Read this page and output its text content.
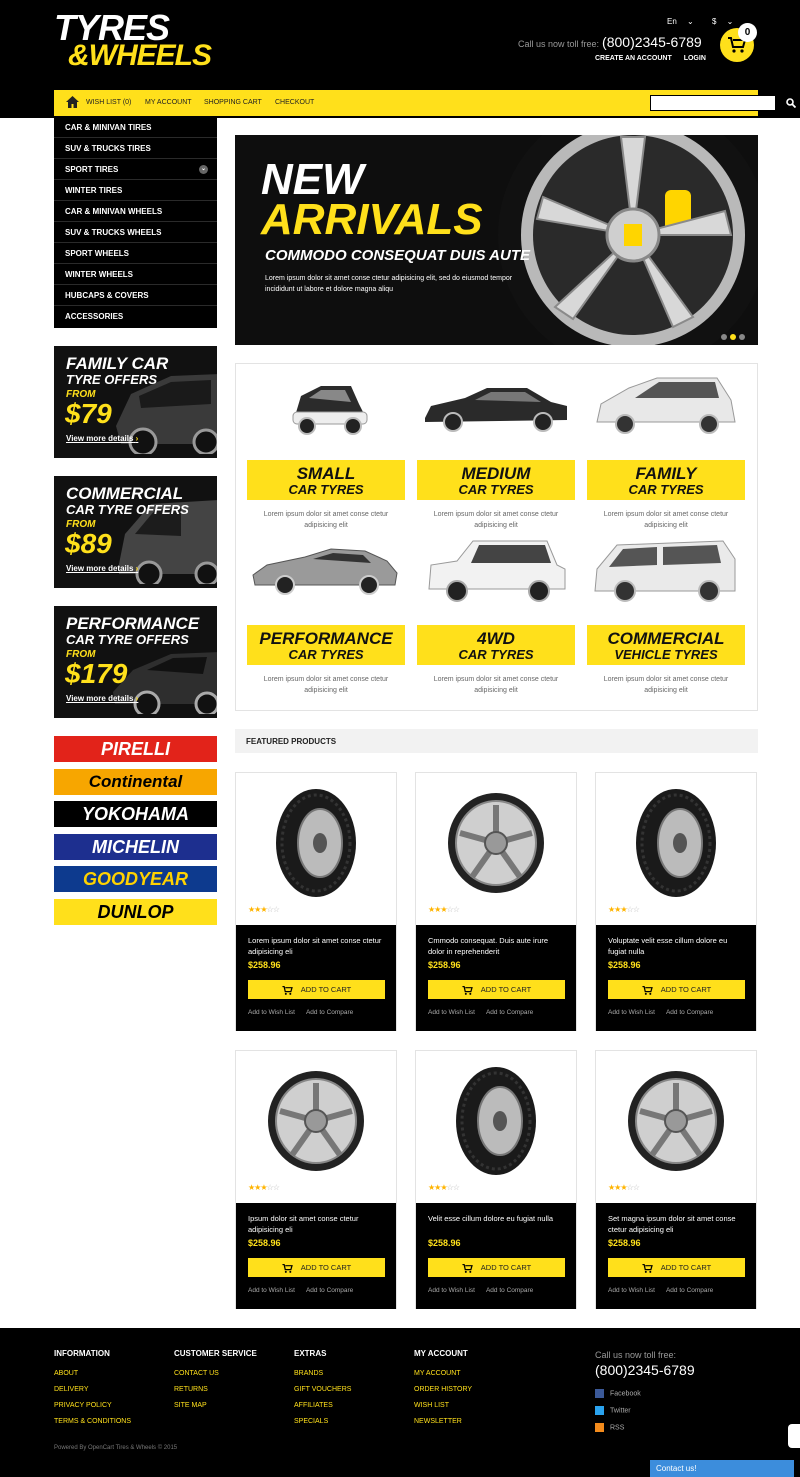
TYRES
&WHEELS
En ⌄ $ ⌄
Call us now toll free: (800)2345-6789
CREATE AN ACCOUNT LOGIN
0
WISH LIST (0) MY ACCOUNT SHOPPING CART CHECKOUT
CAR & MINIVAN TIRES
SUV & TRUCKS TIRES
SPORT TIRES	⌄
WINTER TIRES
CAR & MINIVAN WHEELS
SUV & TRUCKS WHEELS
SPORT WHEELS
WINTER WHEELS
HUBCAPS & COVERS
ACCESSORIES
FAMILY CAR
TYRE OFFERS
FROM
$79
View more details ›
COMMERCIAL
CAR TYRE OFFERS
FROM
$89
View more details ›
PERFORMANCE
CAR TYRE OFFERS
FROM
$179
View more details ›
PIRELLI
Continental
YOKOHAMA
MICHELIN
GOODYEAR
DUNLOP
NEW
ARRIVALS
COMMODO CONSEQUAT DUIS AUTE
Lorem ipsum dolor sit amet conse ctetur adipisicing elit, sed do eiusmod tempor incididunt ut labore et dolore magna aliqu
SMALL
CAR TYRES
Lorem ipsum dolor sit amet conse ctetur adipisicing elit
MEDIUM
CAR TYRES
Lorem ipsum dolor sit amet conse ctetur adipisicing elit
FAMILY
CAR TYRES
Lorem ipsum dolor sit amet conse ctetur adipisicing elit
PERFORMANCE
CAR TYRES
Lorem ipsum dolor sit amet conse ctetur adipisicing elit
4WD
CAR TYRES
Lorem ipsum dolor sit amet conse ctetur adipisicing elit
COMMERCIAL
VEHICLE TYRES
Lorem ipsum dolor sit amet conse ctetur adipisicing elit
FEATURED PRODUCTS
★★★☆☆
Lorem ipsum dolor sit amet conse ctetur adipisicing eli
$258.96
ADD TO CART
Add to Wish List Add to Compare
★★★☆☆
Cmmodo consequat. Duis aute irure dolor in reprehenderit
$258.96
ADD TO CART
Add to Wish List Add to Compare
★★★☆☆
Voluptate velit esse cillum dolore eu fugiat nulla
$258.96
ADD TO CART
Add to Wish List Add to Compare
★★★☆☆
Ipsum dolor sit amet conse ctetur adipisicing eli
$258.96
ADD TO CART
Add to Wish List Add to Compare
★★★☆☆
Velit esse cillum dolore eu fugiat nulla
$258.96
ADD TO CART
Add to Wish List Add to Compare
★★★☆☆
Set magna ipsum dolor sit amet conse ctetur adipisicing eli
$258.96
ADD TO CART
Add to Wish List Add to Compare
INFORMATION
ABOUT
DELIVERY
PRIVACY POLICY
TERMS & CONDITIONS
CUSTOMER SERVICE
CONTACT US
RETURNS
SITE MAP
EXTRAS
BRANDS
GIFT VOUCHERS
AFFILIATES
SPECIALS
MY ACCOUNT
MY ACCOUNT
ORDER HISTORY
WISH LIST
NEWSLETTER
Call us now toll free:
(800)2345-6789
Facebook
Twitter
RSS
Powered By OpenCart Tires & Wheels © 2015
Contact us!
